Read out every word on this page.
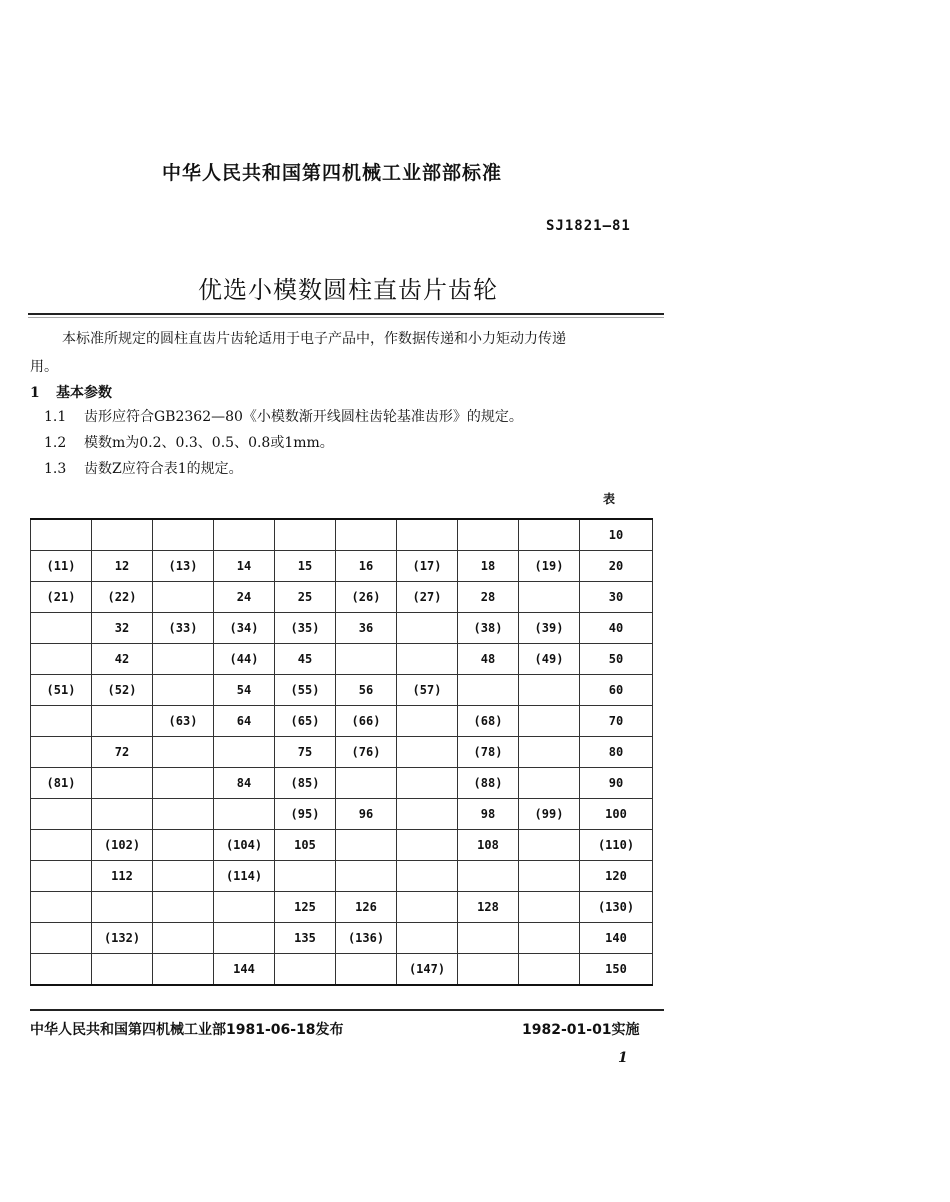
中华人民共和国第四机械工业部部标准
SJ1821—81
优选小模数圆柱直齿片齿轮
本标准所规定的圆柱直齿片齿轮适用于电子产品中，作数据传递和小力矩动力传递
用。
1 基本参数
1.1 齿形应符合GB2362—80《小模数渐开线圆柱齿轮基准齿形》的规定。
1.2 模数m为0.2、0.3、0.5、0.8或1mm。
1.3 齿数Z应符合表1的规定。
表
									10
(11)	12	(13)	14	15	16	(17)	18	(19)	20
(21)	(22)		24	25	(26)	(27)	28		30
	32	(33)	(34)	(35)	36		(38)	(39)	40
	42		(44)	45			48	(49)	50
(51)	(52)		54	(55)	56	(57)			60
		(63)	64	(65)	(66)		(68)		70
	72			75	(76)		(78)		80
(81)			84	(85)			(88)		90
				(95)	96		98	(99)	100
	(102)		(104)	105			108		(110)
	112		(114)						120
				125	126		128		(130)
	(132)			135	(136)				140
			144			(147)			150
中华人民共和国第四机械工业部1981-06-18发布	1982-01-01实施
1
